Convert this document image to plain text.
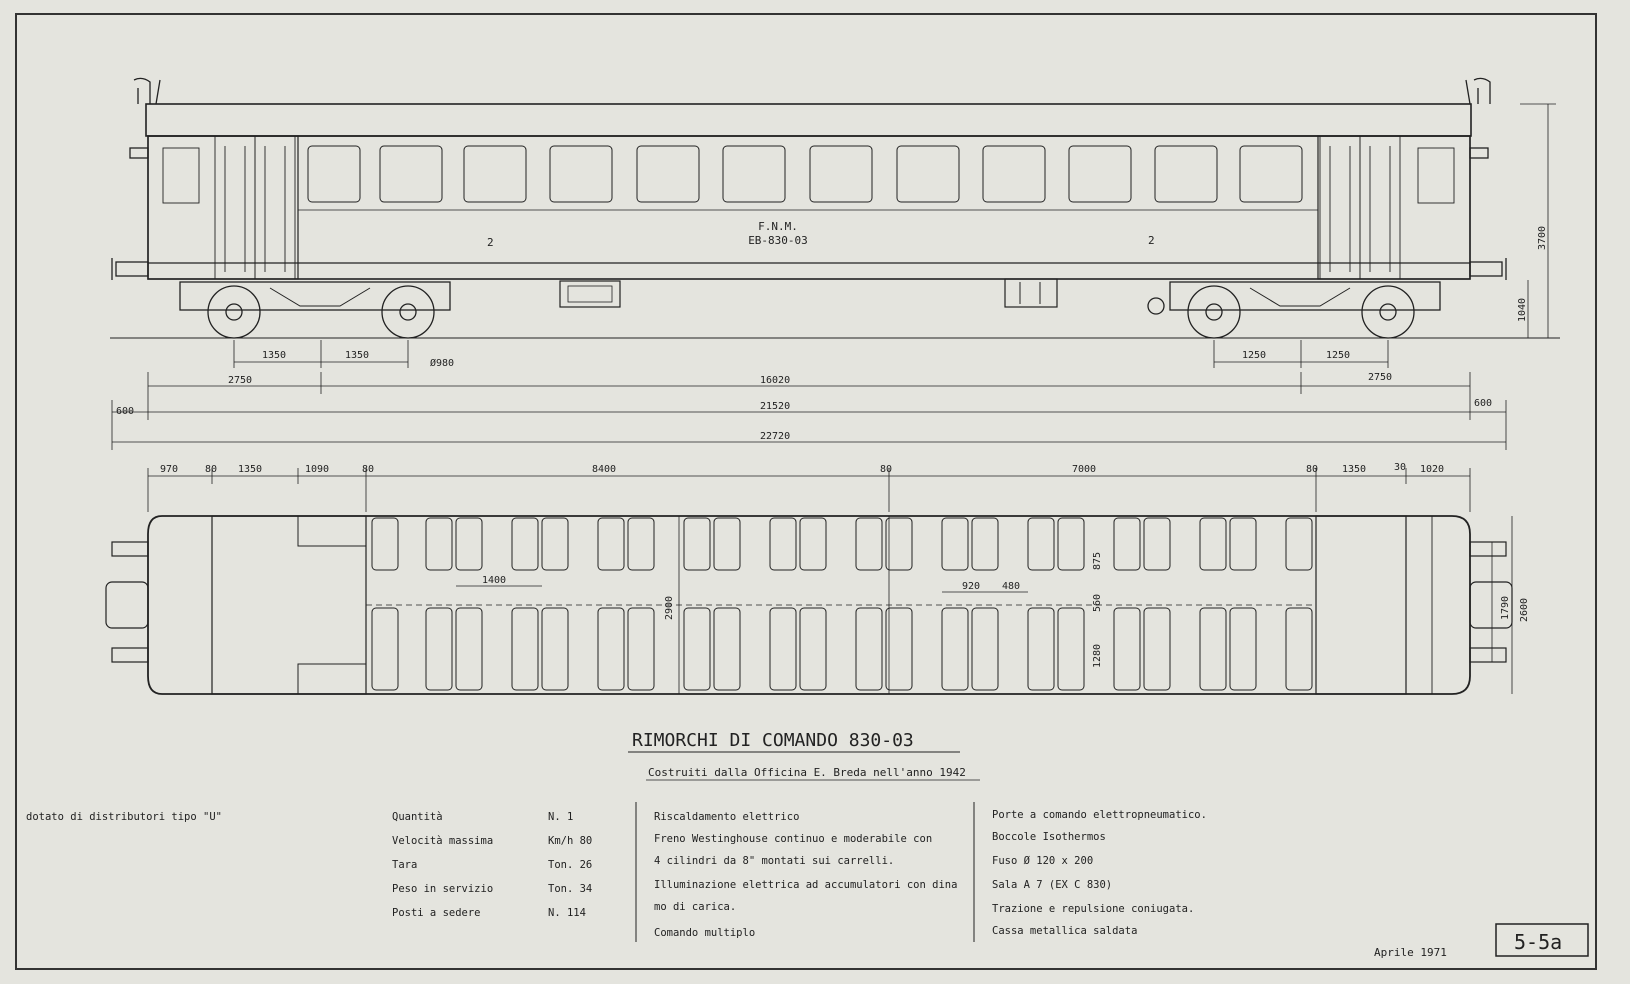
F.N.M.
EB-830-03
2	2
1350	1350
Ø980
1250	1250
2750	16020	2750
21520
600
600
22720
3700
1040
970	80 1350	1090	80	8400	80	7000	80 1350	30 1020
1400
920 480
2900
875
560
1280
1790 2600
RIMORCHI DI COMANDO 830-03
Costruiti dalla Officina E. Breda nell'anno 1942
dotato di distributori tipo "U"	Quantità	N. 1
Velocità massima	Km/h 80
Tara	Ton. 26
Peso in servizio	Ton. 34
Posti a sedere	N. 114
Riscaldamento elettrico
Freno Westinghouse continuo e moderabile con
4 cilindri da 8" montati sui carrelli.
Illuminazione elettrica ad accumulatori con dina
mo di carica.
Comando multiplo
Porte a comando elettropneumatico.
Boccole Isothermos
Fuso Ø 120 x 200
Sala A 7 (EX C 830)
Trazione e repulsione coniugata.
Cassa metallica saldata
Aprile 1971	5-5a
